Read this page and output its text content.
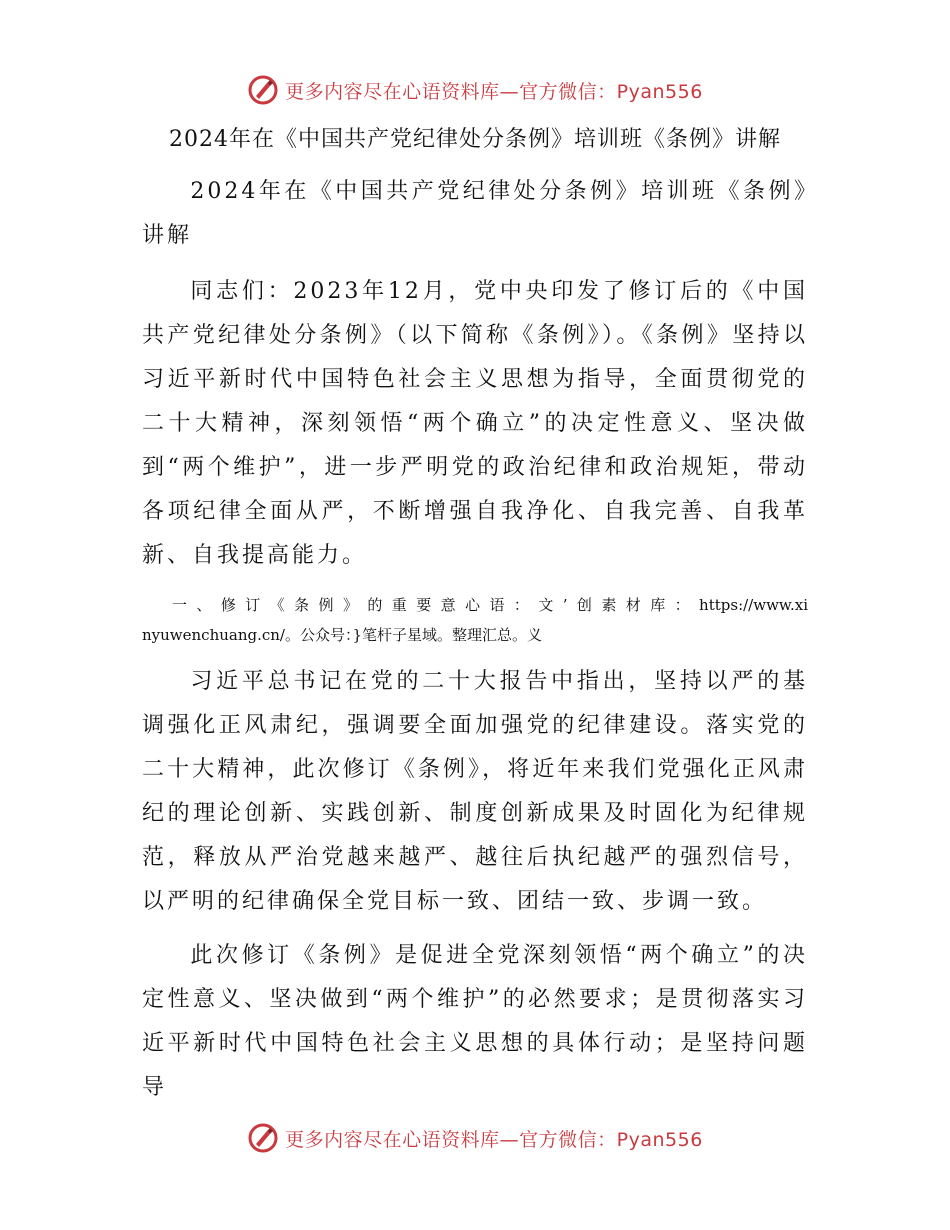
更多内容尽在心语资料库—官方微信：Pyan556
2024年在《中国共产党纪律处分条例》培训班《条例》讲解

2024年在《中国共产党纪律处分条例》培训班《条例》讲解

同志们：2023年12月，党中央印发了修订后的《中国共产党纪律处分条例》（以下简称《条例》）。《条例》坚持以习近平新时代中国特色社会主义思想为指导，全面贯彻党的二十大精神，深刻领悟“两个确立”的决定性意义、坚决做到“两个维护”，进一步严明党的政治纪律和政治规矩，带动各项纪律全面从严，不断增强自我净化、自我完善、自我革新、自我提高能力。

一、修订《条例》的重要意心语：文’创素材库：https://www.xinyuwenchuang.cn/。公众号：}笔杆子星域。整理汇总。义

习近平总书记在党的二十大报告中指出，坚持以严的基调强化正风肃纪，强调要全面加强党的纪律建设。落实党的二十大精神，此次修订《条例》，将近年来我们党强化正风肃纪的理论创新、实践创新、制度创新成果及时固化为纪律规范，释放从严治党越来越严、越往后执纪越严的强烈信号，以严明的纪律确保全党目标一致、团结一致、步调一致。

此次修订《条例》是促进全党深刻领悟“两个确立”的决定性意义、坚决做到“两个维护”的必然要求；是贯彻落实习近平新时代中国特色社会主义思想的具体行动；是坚持问题导

更多内容尽在心语资料库—官方微信：Pyan556
